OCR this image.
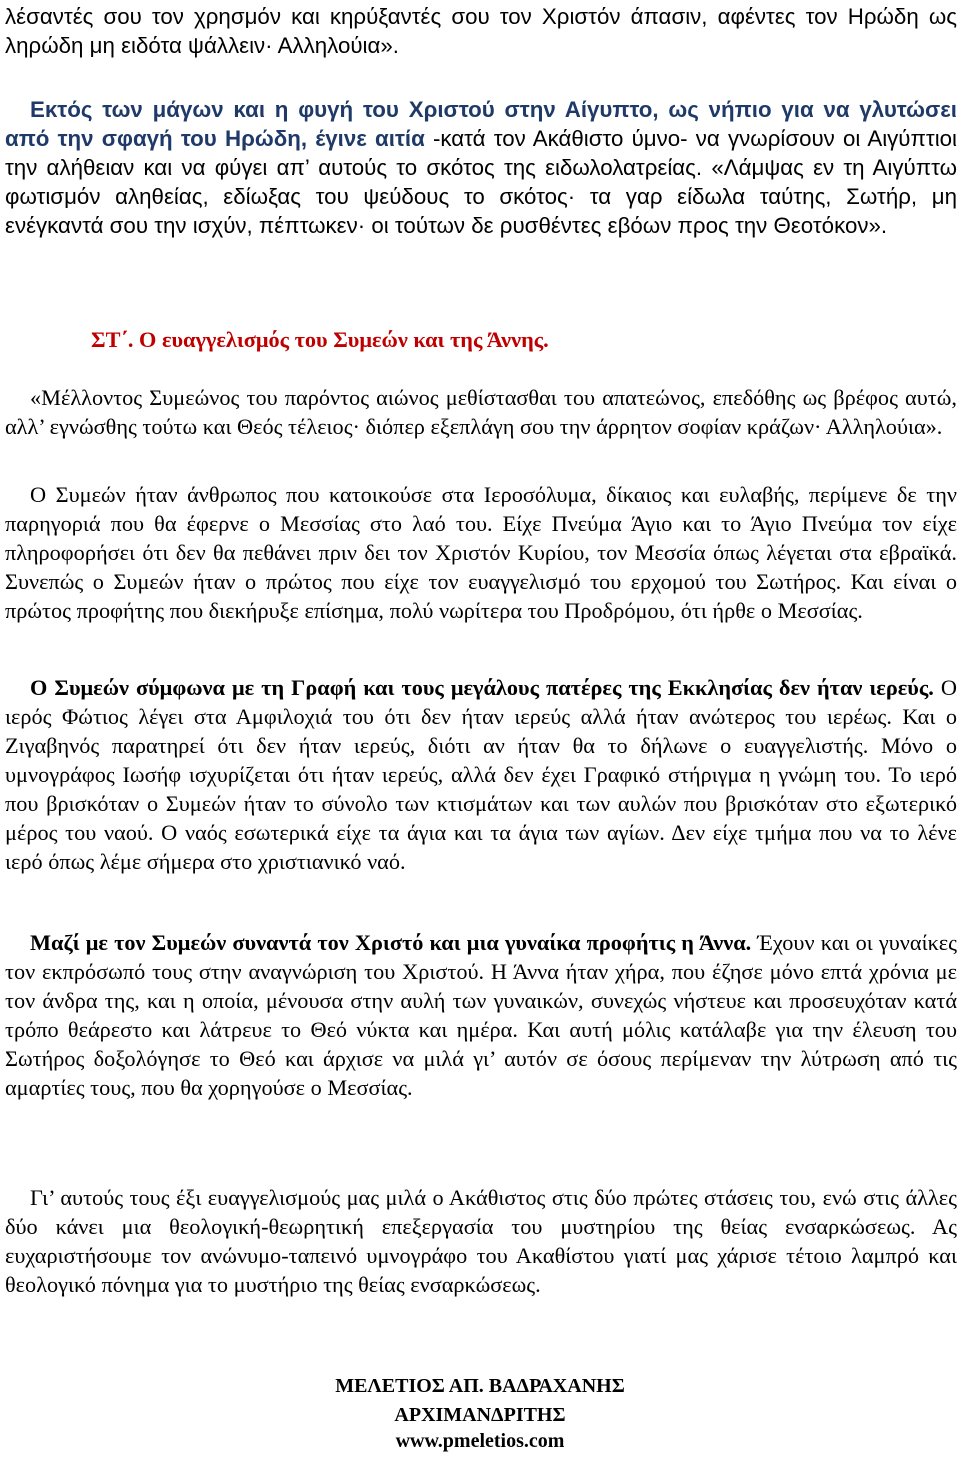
λέσαντές σου τον χρησμόν και κηρύξαντές σου τον Χριστόν άπασιν, αφέντες τον Ηρώδη ως ληρώδη μη ειδότα ψάλλειν· Αλληλούια».

Εκτός των μάγων και η φυγή του Χριστού στην Αίγυπτο, ως νήπιο για να γλυτώσει από την σφαγή του Ηρώδη, έγινε αιτία -κατά τον Ακάθιστο ύμνο- να γνωρίσουν οι Αιγύπτιοι την αλήθειαν και να φύγει απ’ αυτούς το σκότος της ειδωλολατρείας. «Λάμψας εν τη Αιγύπτω φωτισμόν αληθείας, εδίωξας του ψεύδους το σκότος· τα γαρ είδωλα ταύτης, Σωτήρ, μη ενέγκαντά σου την ισχύν, πέπτωκεν· οι τούτων δε ρυσθέντες εβόων προς την Θεοτόκον».

ΣΤ΄. Ο ευαγγελισμός του Συμεών και της Άννης.

«Μέλλοντος Συμεώνος του παρόντος αιώνος μεθίστασθαι του απατεώνος, επεδόθης ως βρέφος αυτώ, αλλ’ εγνώσθης τούτω και Θεός τέλειος· διόπερ εξεπλάγη σου την άρρητον σοφίαν κράζων· Αλληλούια».

Ο Συμεών ήταν άνθρωπος που κατοικούσε στα Ιεροσόλυμα, δίκαιος και ευλαβής, περίμενε δε την παρηγοριά που θα έφερνε ο Μεσσίας στο λαό του. Είχε Πνεύμα Άγιο και το Άγιο Πνεύμα τον είχε πληροφορήσει ότι δεν θα πεθάνει πριν δει τον Χριστόν Κυρίου, τον Μεσσία όπως λέγεται στα εβραϊκά. Συνεπώς ο Συμεών ήταν ο πρώτος που είχε τον ευαγγελισμό του ερχομού του Σωτήρος. Και είναι ο πρώτος προφήτης που διεκήρυξε επίσημα, πολύ νωρίτερα του Προδρόμου, ότι ήρθε ο Μεσσίας.

Ο Συμεών σύμφωνα με τη Γραφή και τους μεγάλους πατέρες της Εκκλησίας δεν ήταν ιερεύς. Ο ιερός Φώτιος λέγει στα Αμφιλοχιά του ότι δεν ήταν ιερεύς αλλά ήταν ανώτερος του ιερέως. Και ο Ζιγαβηνός παρατηρεί ότι δεν ήταν ιερεύς, διότι αν ήταν θα το δήλωνε ο ευαγγελιστής. Μόνο ο υμνογράφος Ιωσήφ ισχυρίζεται ότι ήταν ιερεύς, αλλά δεν έχει Γραφικό στήριγμα η γνώμη του. Το ιερό που βρισκόταν ο Συμεών ήταν το σύνολο των κτισμάτων και των αυλών που βρισκόταν στο εξωτερικό μέρος του ναού. Ο ναός εσωτερικά είχε τα άγια και τα άγια των αγίων. Δεν είχε τμήμα που να το λένε ιερό όπως λέμε σήμερα στο χριστιανικό ναό.

Μαζί με τον Συμεών συναντά τον Χριστό και μια γυναίκα προφήτις η Άννα. Έχουν και οι γυναίκες τον εκπρόσωπό τους στην αναγνώριση του Χριστού. Η Άννα ήταν χήρα, που έζησε μόνο επτά χρόνια με τον άνδρα της, και η οποία, μένουσα στην αυλή των γυναικών, συνεχώς νήστευε και προσευχόταν κατά τρόπο θεάρεστο και λάτρευε το Θεό νύκτα και ημέρα. Και αυτή μόλις κατάλαβε για την έλευση του Σωτήρος δοξολόγησε το Θεό και άρχισε να μιλά γι’ αυτόν σε όσους περίμεναν την λύτρωση από τις αμαρτίες τους, που θα χορηγούσε ο Μεσσίας.

Γι’ αυτούς τους έξι ευαγγελισμούς μας μιλά ο Ακάθιστος στις δύο πρώτες στάσεις του, ενώ στις άλλες δύο κάνει μια θεολογική-θεωρητική επεξεργασία του μυστηρίου της θείας ενσαρκώσεως. Ας ευχαριστήσουμε τον ανώνυμο-ταπεινό υμνογράφο του Ακαθίστου γιατί μας χάρισε τέτοιο λαμπρό και θεολογικό πόνημα για το μυστήριο της θείας ενσαρκώσεως.

ΜΕΛΕΤΙΟΣ ΑΠ. ΒΑΔΡΑΧΑΝΗΣ
ΑΡΧΙΜΑΝΔΡΙΤΗΣ
www.pmeletios.com
